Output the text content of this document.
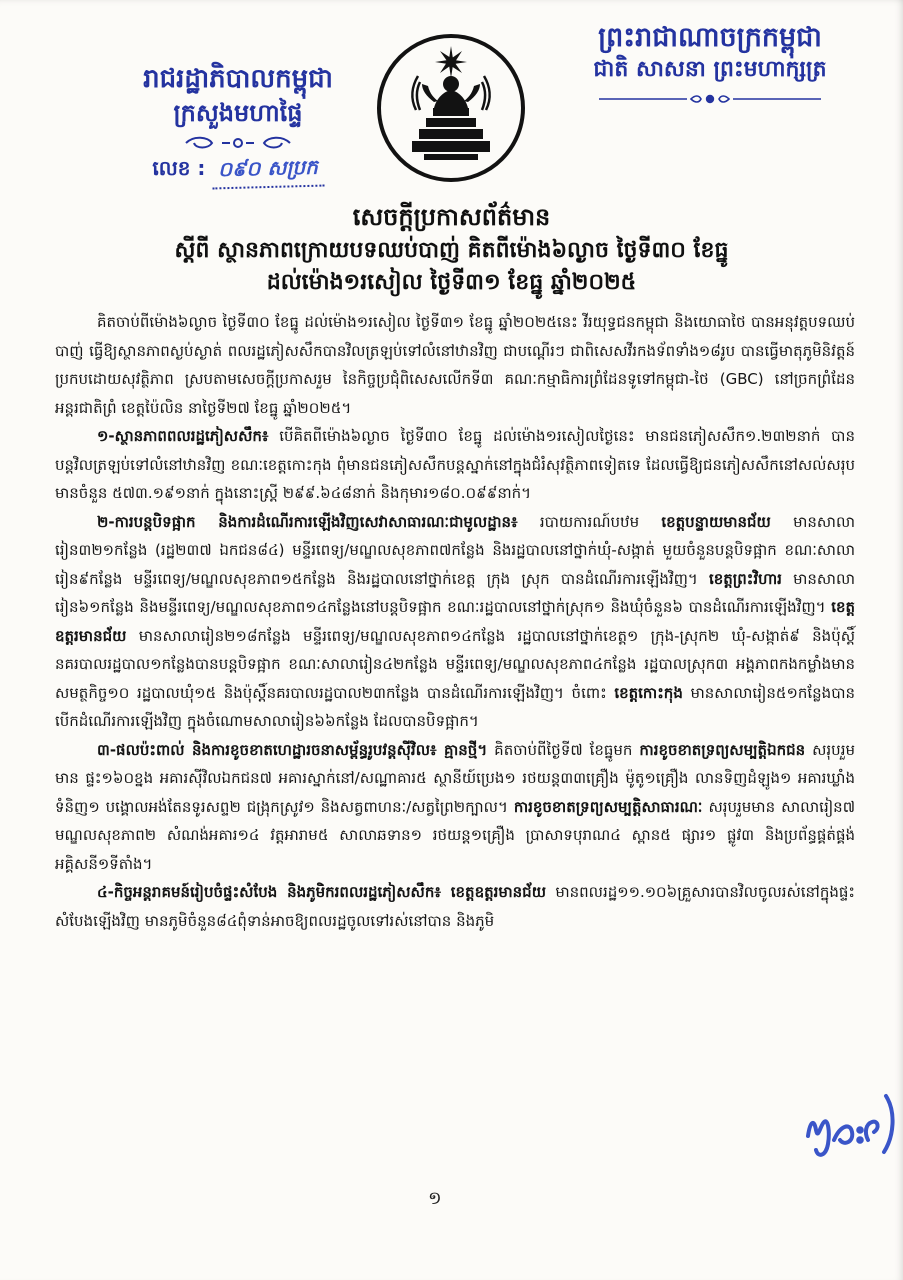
រាជរដ្ឋាភិបាលកម្ពុជា
ក្រសួងមហាផ្ទៃ
លេខ : ០៩០ សប្រក
ព្រះរាជាណាចក្រកម្ពុជា
ជាតិ សាសនា ព្រះមហាក្សត្រ
សេចក្តីប្រកាសព័ត៌មាន
ស្តីពី ស្ថានភាពក្រោយបទឈប់បាញ់ គិតពីម៉ោង៦ល្ងាច ថ្ងៃទី៣០ ខែធ្នូ
ដល់ម៉ោង១រសៀល ថ្ងៃទី៣១ ខែធ្នូ ឆ្នាំ២០២៥

គិតចាប់ពីម៉ោង៦ល្ងាច ថ្ងៃទី៣០ ខែធ្នូ ដល់ម៉ោង១រសៀល ថ្ងៃទី៣១ ខែធ្នូ ឆ្នាំ២០២៥នេះ វីរយុទ្ធជនកម្ពុជា និងយោធាថៃ បានអនុវត្តបទឈប់បាញ់ ធ្វើឱ្យស្ថានភាពស្ងប់ស្ងាត់ ពលរដ្ឋភៀសសឹកបានវិលត្រឡប់ទៅលំនៅឋានវិញ ជាបណ្តើរៗ ជាពិសេសវីរកងទ័ពទាំង១៨រូប បានធ្វើមាតុភូមិនិវត្តន៍ប្រកបដោយសុវត្ថិភាព ស្របតាមសេចក្តីប្រកាសរួម នៃកិច្ចប្រជុំពិសេសលើកទី៣ គណៈកម្មាធិការព្រំដែនទូទៅកម្ពុជា-ថៃ (GBC) នៅច្រកព្រំដែនអន្តរជាតិព្រំ ខេត្តប៉ៃលិន នាថ្ងៃទី២៧ ខែធ្នូ ឆ្នាំ២០២៥។

១-ស្ថានភាពពលរដ្ឋភៀសសឹក៖ បើគិតពីម៉ោង៦ល្ងាច ថ្ងៃទី៣០ ខែធ្នូ ដល់ម៉ោង១រសៀលថ្ងៃនេះ មានជនភៀសសឹក១.២៣២នាក់ បានបន្តវិលត្រឡប់ទៅលំនៅឋានវិញ ខណៈខេត្តកោះកុង ពុំមានជនភៀសសឹកបន្តស្នាក់នៅក្នុងជំរំសុវត្ថិភាពទៀតទេ ដែលធ្វើឱ្យជនភៀសសឹកនៅសល់សរុបមានចំនួន ៥៧៣.១៩១នាក់ ក្នុងនោះស្ត្រី ២៩៩.៦៤៨នាក់ និងកុមារ១៨០.០៩៩នាក់។

២-ការបន្តបិទផ្អាក និងការដំណើរការឡើងវិញសេវាសាធារណៈជាមូលដ្ឋាន៖ របាយការណ៍បឋម ខេត្តបន្ទាយមានជ័យ មានសាលារៀន៣២១កន្លែង (រដ្ឋ២៣៧ ឯកជន៨៤) មន្ទីរពេទ្យ/មណ្ឌលសុខភាព៧កន្លែង និងរដ្ឋបាលនៅថ្នាក់ឃុំ-សង្កាត់ មួយចំនួនបន្តបិទផ្អាក ខណៈសាលារៀន៩កន្លែង មន្ទីរពេទ្យ/មណ្ឌលសុខភាព១៥កន្លែង និងរដ្ឋបាលនៅថ្នាក់ខេត្ត ក្រុង ស្រុក បានដំណើរការឡើងវិញ។ ខេត្តព្រះវិហារ មានសាលារៀន៦១កន្លែង និងមន្ទីរពេទ្យ/មណ្ឌលសុខភាព១៤កន្លែងនៅបន្តបិទផ្អាក ខណៈរដ្ឋបាលនៅថ្នាក់ស្រុក១ និងឃុំចំនួន៦ បានដំណើរការឡើងវិញ។ ខេត្តឧត្តរមានជ័យ មានសាលារៀន២១៨កន្លែង មន្ទីរពេទ្យ/មណ្ឌលសុខភាព១៤កន្លែង រដ្ឋបាលនៅថ្នាក់ខេត្ត១ ក្រុង-ស្រុក២ ឃុំ-សង្កាត់៩ និងប៉ុស្តិ៍នគរបាលរដ្ឋបាល១កន្លែងបានបន្តបិទផ្អាក ខណៈសាលារៀន៤២កន្លែង មន្ទីរពេទ្យ/មណ្ឌលសុខភាព៤កន្លែង រដ្ឋបាលស្រុក៣ អង្គភាពកងកម្លាំងមានសមត្ថកិច្ច១០ រដ្ឋបាលឃុំ១៥ និងប៉ុស្តិ៍នគរបាលរដ្ឋបាល២៣កន្លែង បានដំណើរការឡើងវិញ។ ចំពោះ ខេត្តកោះកុង មានសាលារៀន៥១កន្លែងបានបើកដំណើរការឡើងវិញ ក្នុងចំណោមសាលារៀន៦៦កន្លែង ដែលបានបិទផ្អាក។

៣-ផលប៉ះពាល់ និងការខូចខាតហេដ្ឋារចនាសម្ព័ន្ធរូបវន្តស៊ីវិល៖ គ្មានថ្មី។ គិតចាប់ពីថ្ងៃទី៧ ខែធ្នូមក ការខូចខាតទ្រព្យសម្បត្តិឯកជន សរុបរួមមាន ផ្ទះ១៦០ខ្នង អគារស៊ីវិលឯកជន៧ អគារស្នាក់នៅ/សណ្ឋាគារ៥ ស្ថានីយ៍ប្រេង១ រថយន្ត៣៣គ្រឿង ម៉ូតូ១គ្រឿង លានទិញដំឡូង១ អគារឃ្លាំងទំនិញ១ បង្គោលអង់តែនទូរសព្ទ២ ជង្រុកស្រូវ១ និងសត្វពាហនៈ/សត្វព្រៃ២ក្បាល។ ការខូចខាតទ្រព្យសម្បត្តិសាធារណៈ សរុបរួមមាន សាលារៀន៧ មណ្ឌលសុខភាព២ សំណង់អគារ១៤ វត្តអារាម៥ សាលាឆទាន១ រថយន្ត១គ្រឿង ប្រាសាទបុរាណ៤ ស្ពាន៥ ផ្សារ១ ផ្លូវ៣ និងប្រព័ន្ធផ្គត់ផ្គង់អគ្គិសនី១ទីតាំង។

៤-កិច្ចអន្តរាគមន៍រៀបចំផ្ទះសំបែង និងភូមិករពលរដ្ឋភៀសសឹក៖ ខេត្តឧត្តរមានជ័យ មានពលរដ្ឋ១១.១០៦គ្រួសារបានវិលចូលរស់នៅក្នុងផ្ទះសំបែងឡើងវិញ មានភូមិចំនួន៨៤ពុំទាន់អាចឱ្យពលរដ្ឋចូលទៅរស់នៅបាន និងភូមិ

១
